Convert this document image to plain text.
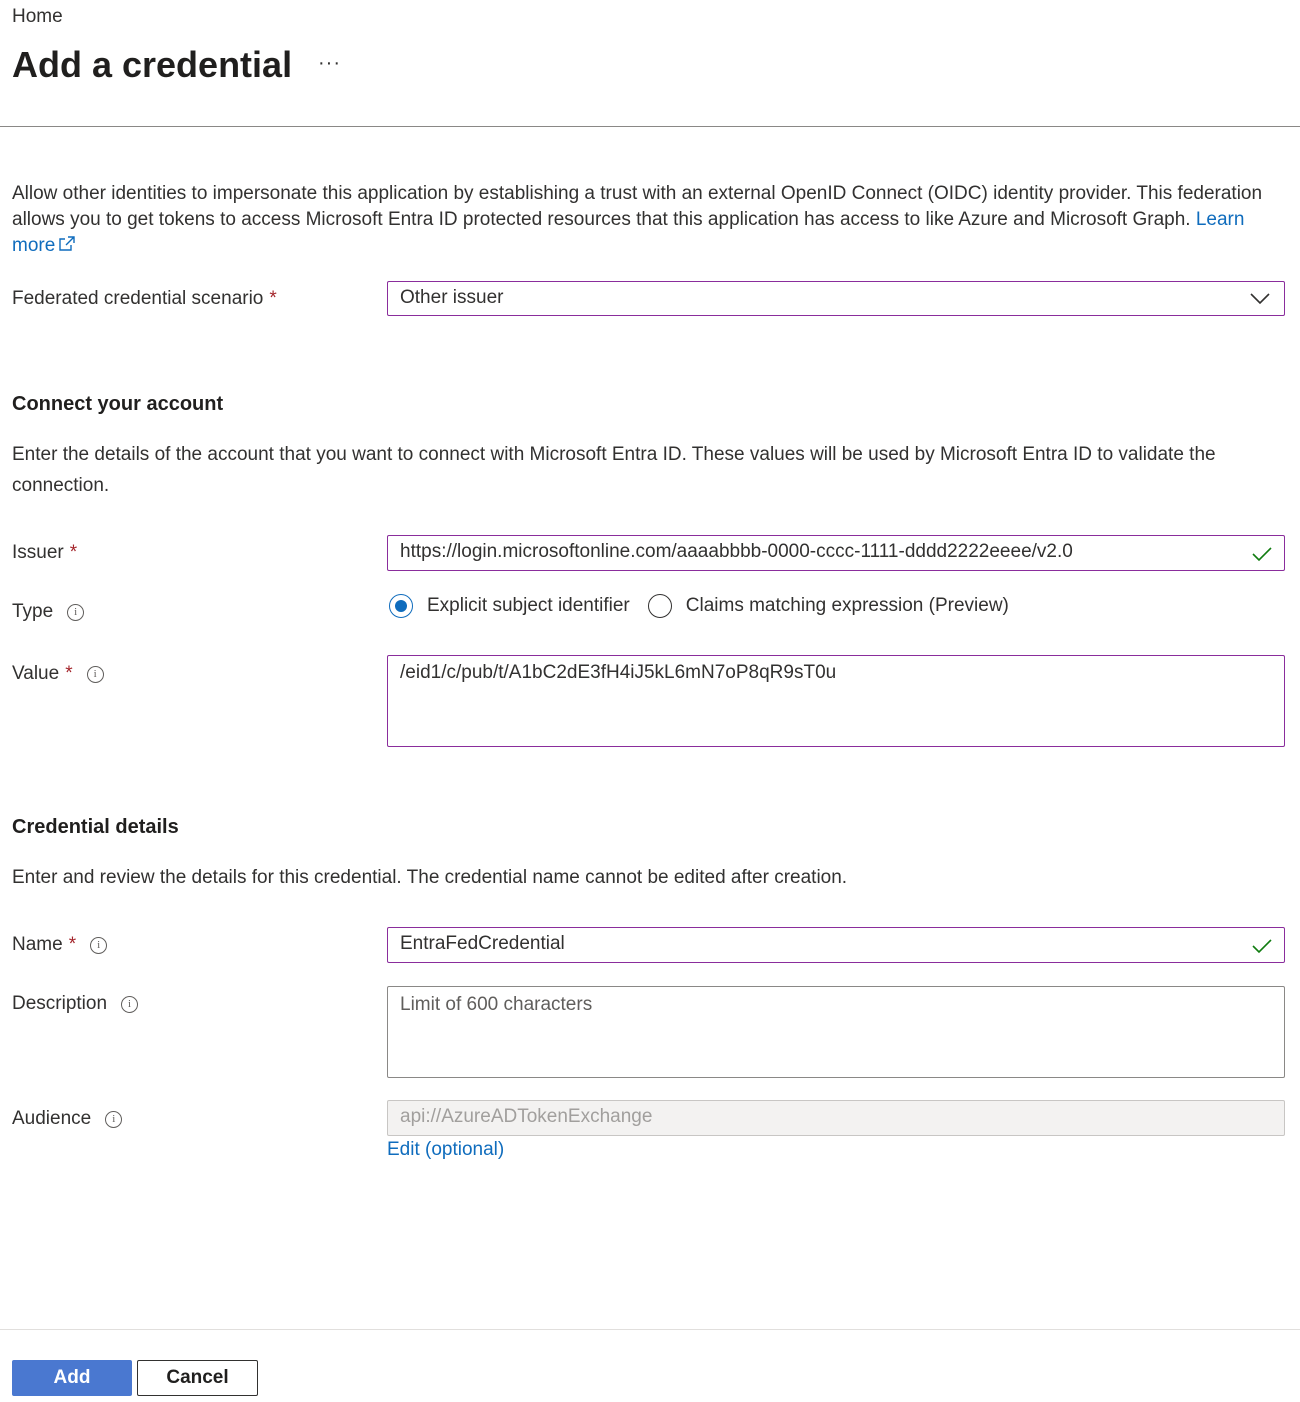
Home
Add a credential ···
Allow other identities to impersonate this application by establishing a trust with an external OpenID Connect (OIDC) identity provider. This federation allows you to get tokens to access Microsoft Entra ID protected resources that this application has access to like Azure and Microsoft Graph. Learn more
Federated credential scenario *	Other issuer
Connect your account
Enter the details of the account that you want to connect with Microsoft Entra ID. These values will be used by Microsoft Entra ID to validate the connection.
Issuer *	https://login.microsoftonline.com/aaaabbbb-0000-cccc-1111-dddd2222eeee/v2.0
Type	i	Explicit subject identifier	Claims matching expression (Preview)
Value *	i	/eid1/c/pub/t/A1bC2dE3fH4iJ5kL6mN7oP8qR9sT0u
Credential details
Enter and review the details for this credential. The credential name cannot be edited after creation.
Name *	i	EntraFedCredential
Description	i	Limit of 600 characters
Audience	i	api://AzureADTokenExchange
Edit (optional)
Add	Cancel
